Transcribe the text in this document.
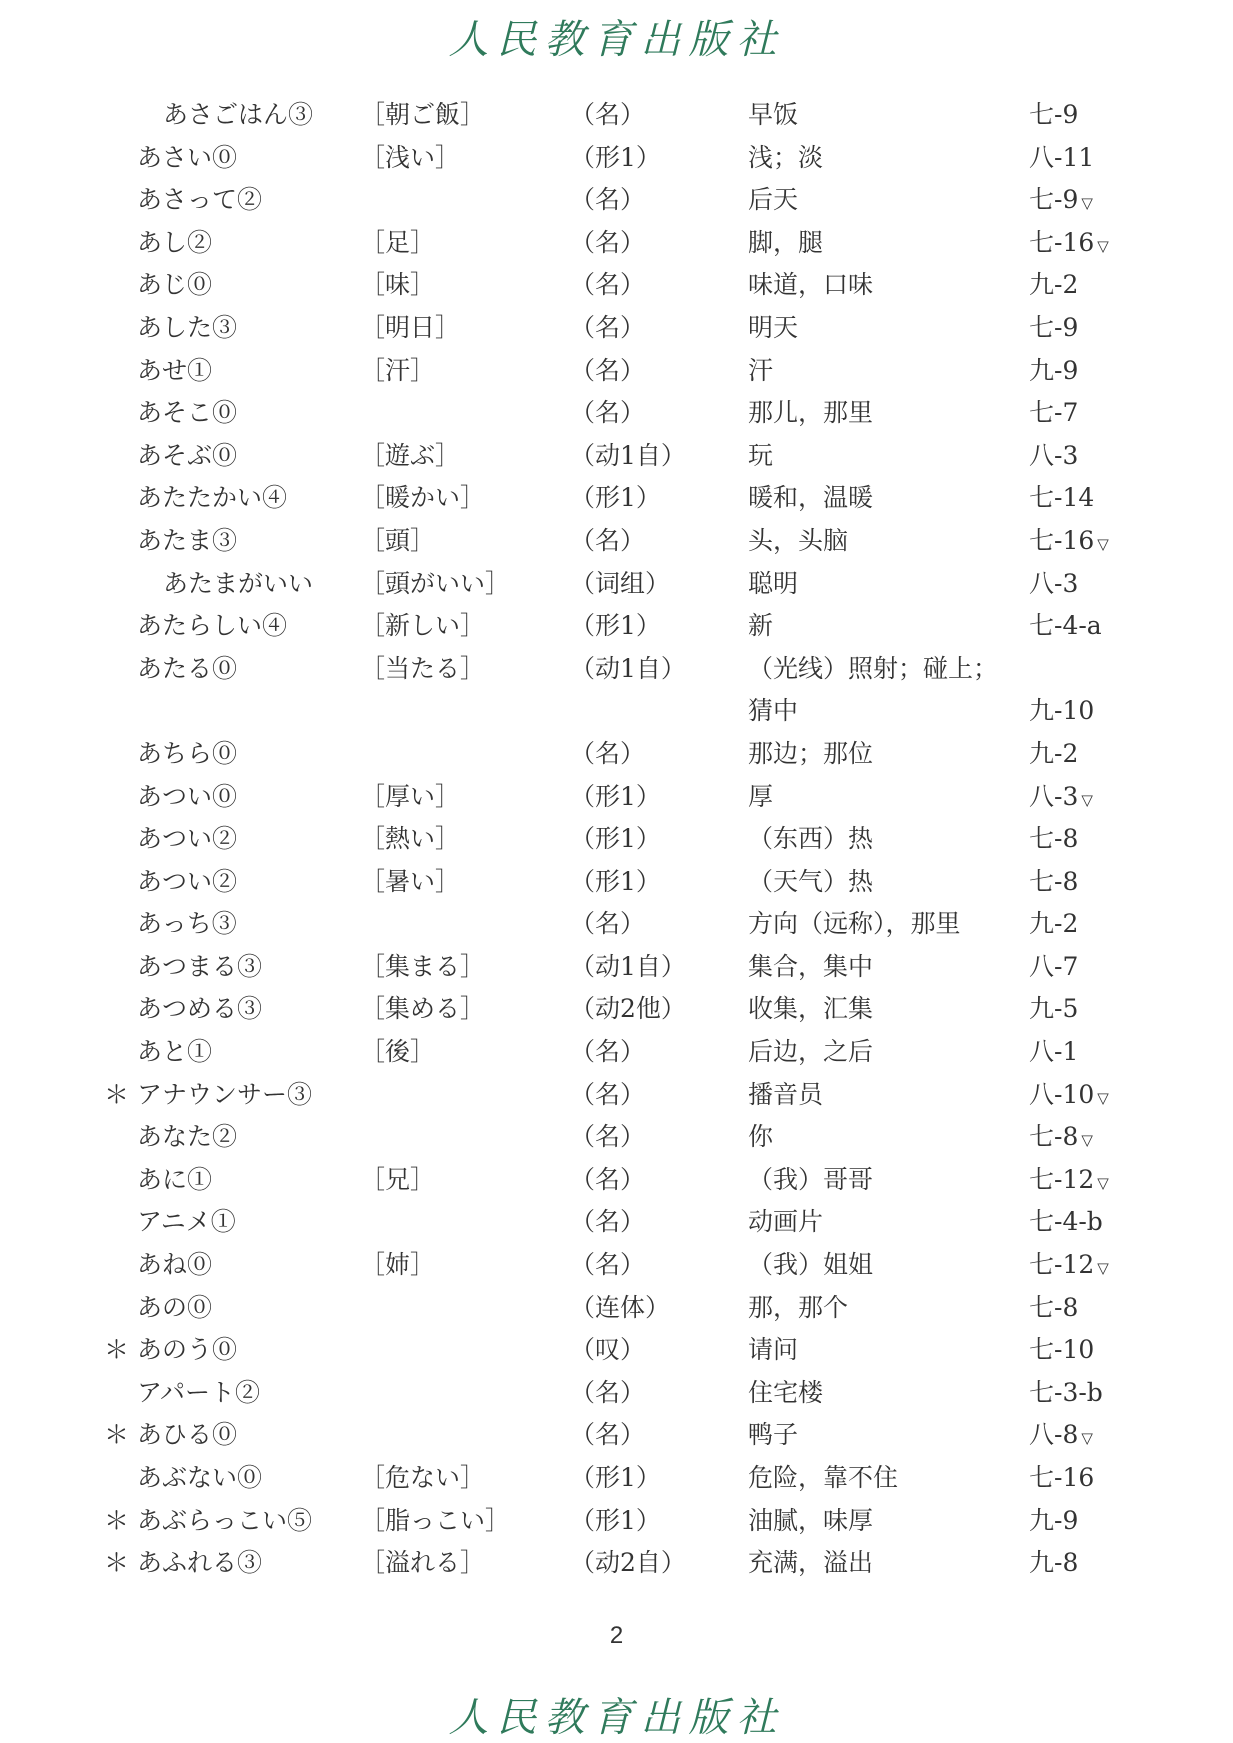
人民教育出版社
あさごはん③ ［朝ご飯］	（名）	早饭	七-9
あさい⓪	［浅い］	（形1）	浅；淡	八-11
あさって②	（名）	后天	七-9 ▽
あし②	［足］	（名）	脚，腿	七-16 ▽
あじ⓪	［味］	（名）	味道，口味	九-2
あした③	［明日］	（名）	明天	七-9
あせ①	［汗］	（名）	汗	九-9
あそこ⓪	（名）	那儿，那里	七-7
あそぶ⓪	［遊ぶ］	（动1自） 玩	八-3
あたたかい④	［暖かい］	（形1）	暖和，温暖	七-14
あたま③	［頭］	（名）	头，头脑	七-16 ▽
あたまがいい ［頭がいい］ （词组）	聪明	八-3
あたらしい④	［新しい］	（形1）	新	七-4-a
あたる⓪	［当たる］	（动1自） （光线）照射；碰上；
猜中	九-10
あちら⓪	（名）	那边；那位	九-2
あつい⓪	［厚い］	（形1）	厚	八-3 ▽
あつい②	［熱い］	（形1）	（东西）热	七-8
あつい②	［暑い］	（形1）	（天气）热	七-8
あっち③	（名）	方向（远称），那里	九-2
あつまる③	［集まる］	（动1自） 集合，集中	八-7
あつめる③	［集める］	（动2他） 收集，汇集	九-5
あと①	［後］	（名）	后边，之后	八-1
＊ アナウンサー③	（名）	播音员	八-10 ▽
あなた②	（名）	你	七-8 ▽
あに①	［兄］	（名）	（我）哥哥	七-12 ▽
アニメ①	（名）	动画片	七-4-b
あね⓪	［姉］	（名）	（我）姐姐	七-12 ▽
あの⓪	（连体）	那，那个	七-8
＊ あのう⓪	（叹）	请问	七-10
アパート②	（名）	住宅楼	七-3-b
＊ あひる⓪	（名）	鸭子	八-8 ▽
あぶない⓪	［危ない］	（形1）	危险，靠不住	七-16
＊ あぶらっこい⑤ ［脂っこい］ （形1）	油腻，味厚	九-9
＊ あふれる③	［溢れる］	（动2自） 充满，溢出	九-8
2
人民教育出版社
